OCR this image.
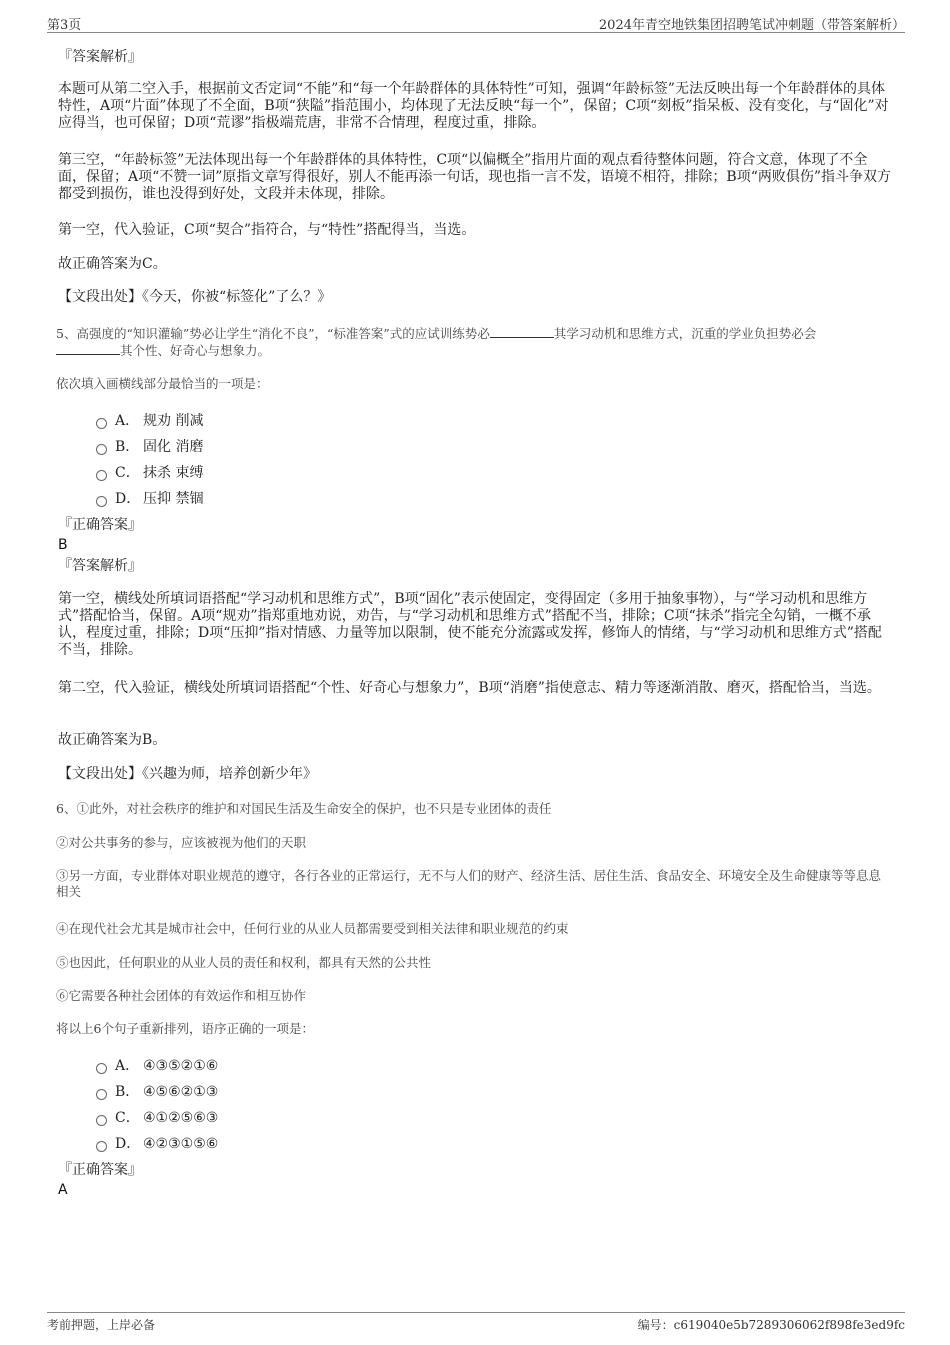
第3页	2024年青空地铁集团招聘笔试冲刺题（带答案解析）
『答案解析』
本题可从第二空入手，根据前文否定词“不能”和“每一个年龄群体的具体特性”可知，强调“年龄标签”无法反映出每一个年龄群体的具体特性，A项“片面”体现了不全面，B项“狭隘”指范围小，均体现了无法反映“每一个”，保留；C项“刻板”指呆板、没有变化，与“固化”对应得当，也可保留；D项“荒谬”指极端荒唐，非常不合情理，程度过重，排除。
第三空，“年龄标签”无法体现出每一个年龄群体的具体特性，C项“以偏概全”指用片面的观点看待整体问题，符合文意，体现了不全面，保留；A项“不赞一词”原指文章写得很好，别人不能再添一句话，现也指一言不发，语境不相符，排除；B项“两败俱伤”指斗争双方都受到损伤，谁也没得到好处，文段并未体现，排除。
第一空，代入验证，C项“契合”指符合，与“特性”搭配得当，当选。
故正确答案为C。
【文段出处】《今天，你被“标签化”了么？》
5、高强度的“知识灌输”势必让学生“消化不良”，“标准答案”式的应试训练势必	其学习动机和思维方式，沉重的学业负担势必会
其个性、好奇心与想象力。
依次填入画横线部分最恰当的一项是：
A． 规劝 削减
B． 固化 消磨
C． 抹杀 束缚
D． 压抑 禁锢
『正确答案』
B
『答案解析』
第一空，横线处所填词语搭配“学习动机和思维方式”，B项“固化”表示使固定，变得固定（多用于抽象事物），与“学习动机和思维方式”搭配恰当，保留。A项“规劝”指郑重地劝说，劝告，与“学习动机和思维方式”搭配不当，排除；C项“抹杀”指完全勾销，一概不承认，程度过重，排除；D项“压抑”指对情感、力量等加以限制，使不能充分流露或发挥，修饰人的情绪，与“学习动机和思维方式”搭配不当，排除。
第二空，代入验证，横线处所填词语搭配“个性、好奇心与想象力”，B项“消磨”指使意志、精力等逐渐消散、磨灭，搭配恰当，当选。
故正确答案为B。
【文段出处】《兴趣为师，培养创新少年》
6、①此外，对社会秩序的维护和对国民生活及生命安全的保护，也不只是专业团体的责任
②对公共事务的参与，应该被视为他们的天职
③另一方面，专业群体对职业规范的遵守，各行各业的正常运行，无不与人们的财产、经济生活、居住生活、食品安全、环境安全及生命健康等等息息相关
④在现代社会尤其是城市社会中，任何行业的从业人员都需要受到相关法律和职业规范的约束
⑤也因此，任何职业的从业人员的责任和权利，都具有天然的公共性
⑥它需要各种社会团体的有效运作和相互协作
将以上6个句子重新排列，语序正确的一项是：
A． ④③⑤②①⑥
B． ④⑤⑥②①③
C． ④①②⑤⑥③
D． ④②③①⑤⑥
『正确答案』
A
考前押题，上岸必备	编号：c619040e5b7289306062f898fe3ed9fc
